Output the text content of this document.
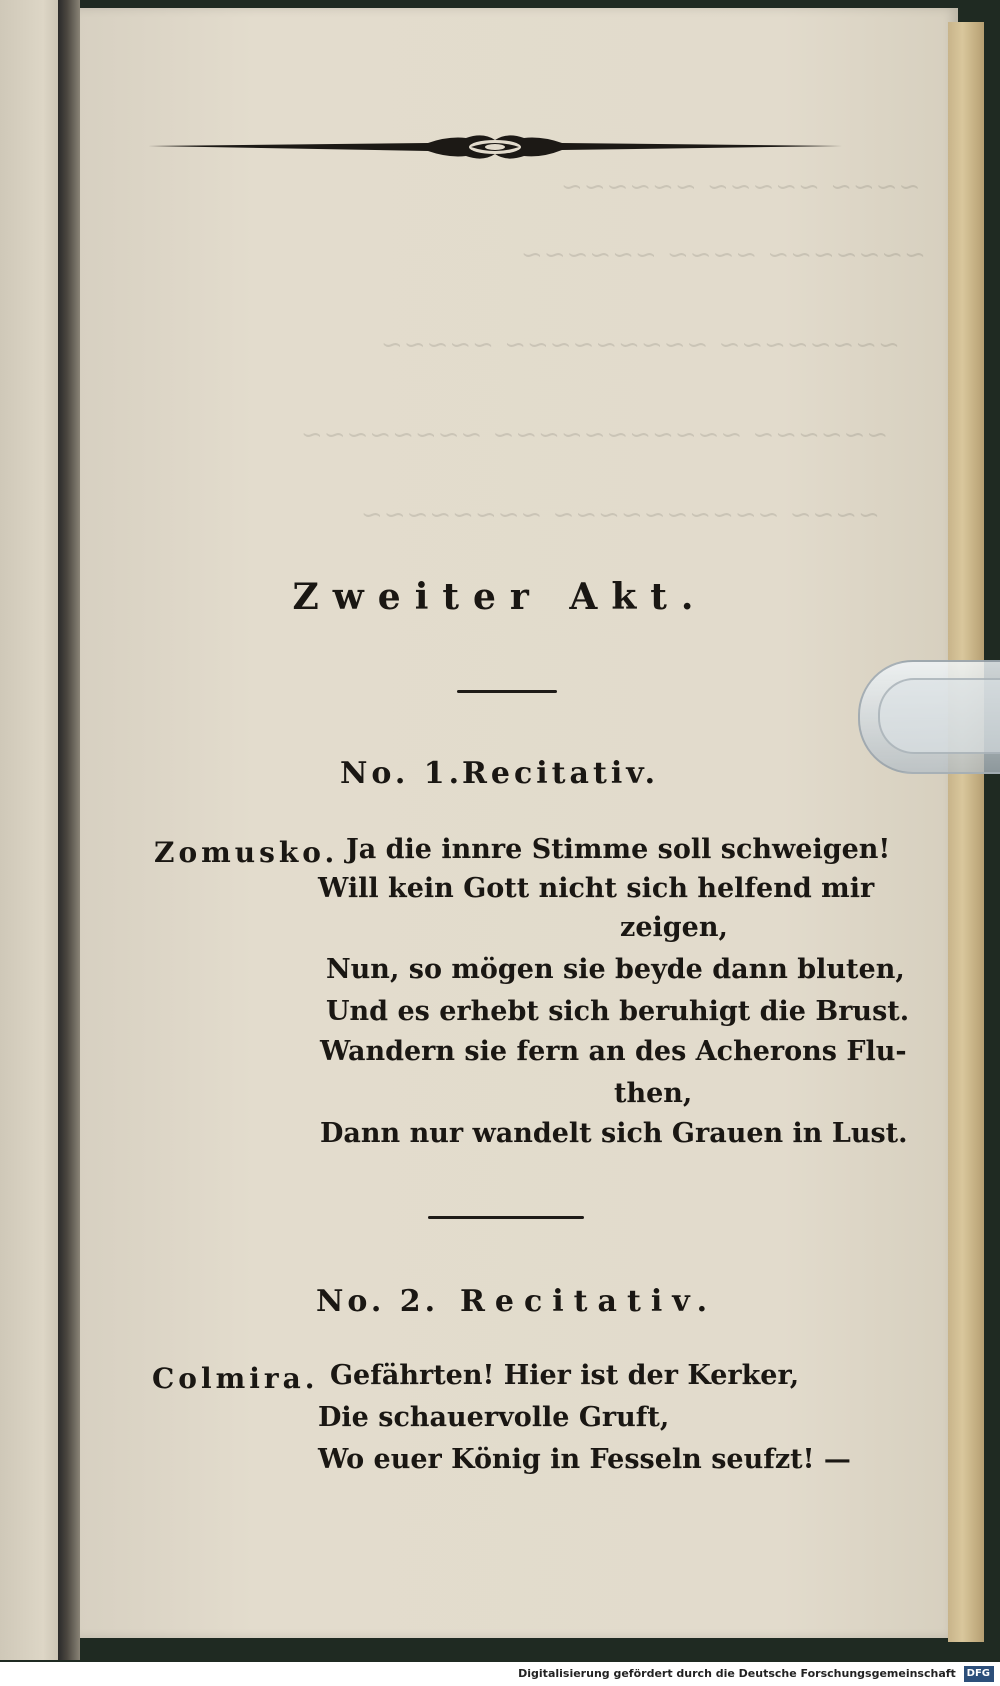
~~~~ ~~~~~ ~~~~~~
~~~~~~~ ~~~~ ~~~~~~
~~~~~~~~ ~~~~~~~~~ ~~~~~
~~~~~~ ~~~~~~~~~~~ ~~~~~~~~
~~~~ ~~~~~~~~~~ ~~~~~~~~
Zweiter Akt.
No. 1.
Recitativ.
Zomusko. Ja die innre Stimme soll schweigen!
Will kein Gott nicht sich helfend mir
zeigen,
Nun, so mögen sie beyde dann bluten,
Und es erhebt sich beruhigt die Brust.
Wandern sie fern an des Acherons Flu-
then,
Dann nur wandelt sich Grauen in Lust.
No. 2. Recitativ.
Colmira. Gefährten! Hier ist der Kerker,
Die schauervolle Gruft,
Wo euer König in Fesseln seufzt! —
Digitalisierung gefördert durch die Deutsche Forschungsgemeinschaft DFG
